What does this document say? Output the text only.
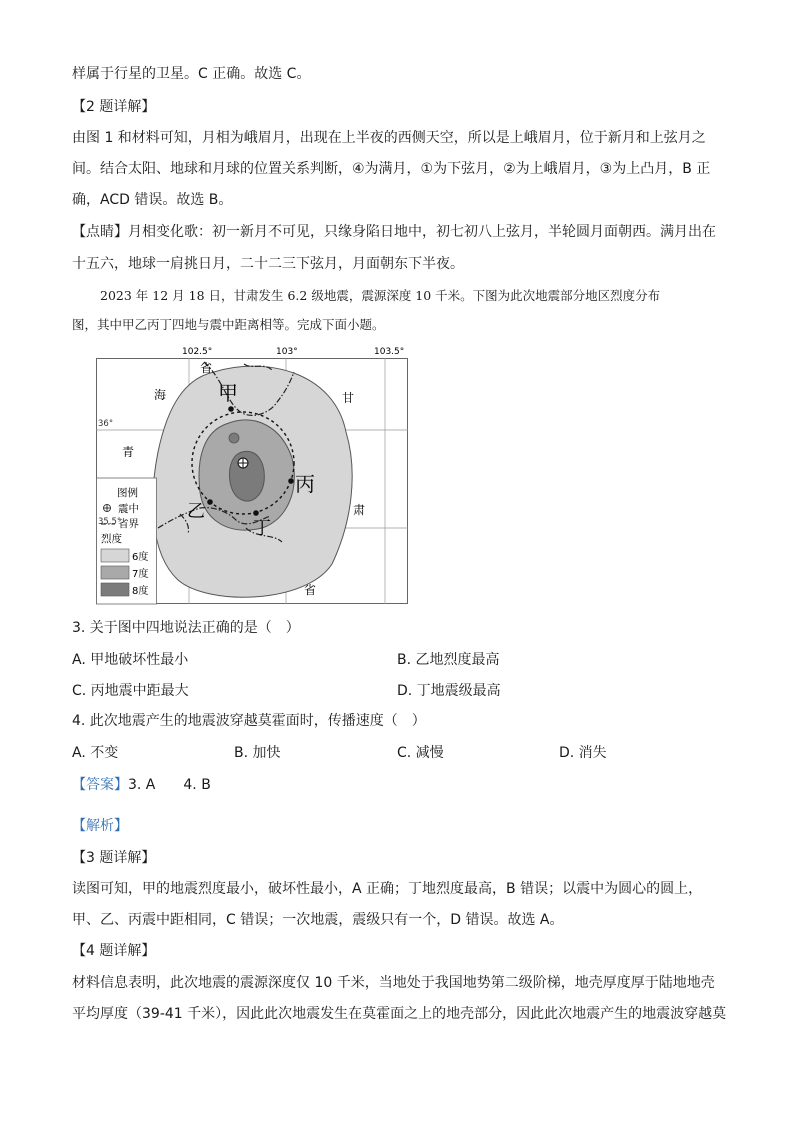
样属于行星的卫星。C 正确。故选 C。
【2 题详解】
由图 1 和材料可知，月相为峨眉月，出现在上半夜的西侧天空，所以是上峨眉月，位于新月和上弦月之
间。结合太阳、地球和月球的位置关系判断，④为满月，①为下弦月，②为上峨眉月，③为上凸月，B 正
确，ACD 错误。故选 B。
【点睛】月相变化歌：初一新月不可见，只缘身陷日地中，初七初八上弦月，半轮圆月面朝西。满月出在
十五六，地球一肩挑日月，二十二三下弦月，月面朝东下半夜。
2023 年 12 月 18 日，甘肃发生 6.2 级地震，震源深度 10 千米。下图为此次地震部分地区烈度分布
图，其中甲乙丙丁四地与震中距离相等。完成下面小题。
102.5°	103°	103.5°
甲
乙
丙
丁
省
海
青
甘
肃
省
图例
震中
省界
烈度
6度
7度
8度
36°
35.5°
3. 关于图中四地说法正确的是（　）
A. 甲地破坏性最小	B. 乙地烈度最高
C. 丙地震中距最大	D. 丁地震级最高
4. 此次地震产生的地震波穿越莫霍面时，传播速度（　）
A. 不变	B. 加快	C. 减慢	D. 消失
【答案】3. A　　4. B
【解析】
【3 题详解】
读图可知，甲的地震烈度最小，破坏性最小，A 正确；丁地烈度最高，B 错误；以震中为圆心的圆上，
甲、乙、丙震中距相同，C 错误；一次地震，震级只有一个，D 错误。故选 A。
【4 题详解】
材料信息表明，此次地震的震源深度仅 10 千米，当地处于我国地势第二级阶梯，地壳厚度厚于陆地地壳
平均厚度（39-41 千米），因此此次地震发生在莫霍面之上的地壳部分，因此此次地震产生的地震波穿越莫
